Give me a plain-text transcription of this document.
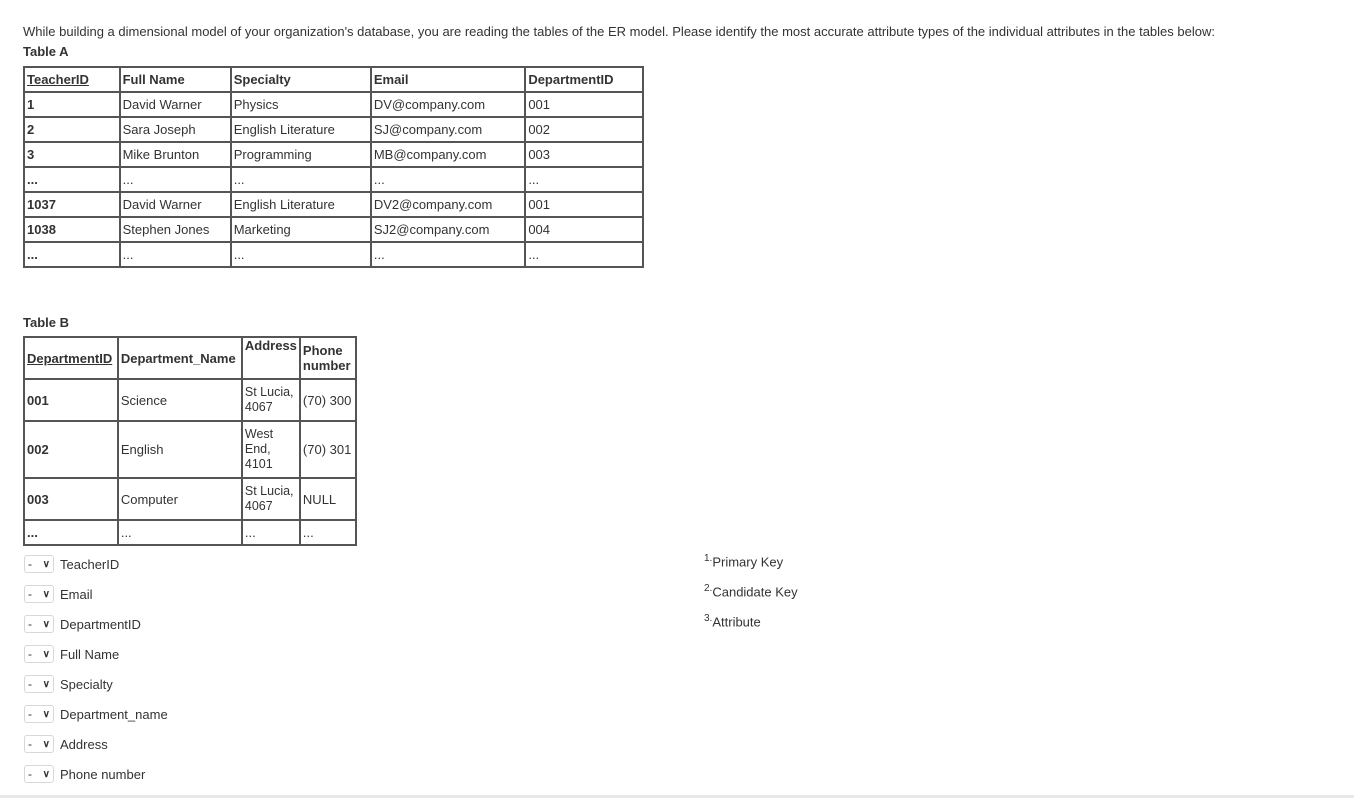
While building a dimensional model of your organization's database, you are reading the tables of the ER model. Please identify the most accurate attribute types of the individual attributes in the tables below:
Table A
TeacherID	Full Name	Specialty	Email	DepartmentID
1	David Warner	Physics	DV@company.com	001
2	Sara Joseph	English Literature	SJ@company.com	002
3	Mike Brunton	Programming	MB@company.com	003
...	...	...	...	...
1037	David Warner	English Literature	DV2@company.com	001
1038	Stephen Jones	Marketing	SJ2@company.com	004
...	...	...	...	...
Table B
DepartmentID	Department_Name	Address	Phone number
001	Science	St Lucia, 4067	(70) 300
002	English	West End, 4101	(70) 301
003	Computer	St Lucia, 4067	NULL
...	...	...	...
- ∨ TeacherID
- ∨ Email
- ∨ DepartmentID
- ∨ Full Name
- ∨ Specialty
- ∨ Department_name
- ∨ Address
- ∨ Phone number
$^{1.}$Primary Key
$^{2.}$Candidate Key
$^{3.}$Attribute
